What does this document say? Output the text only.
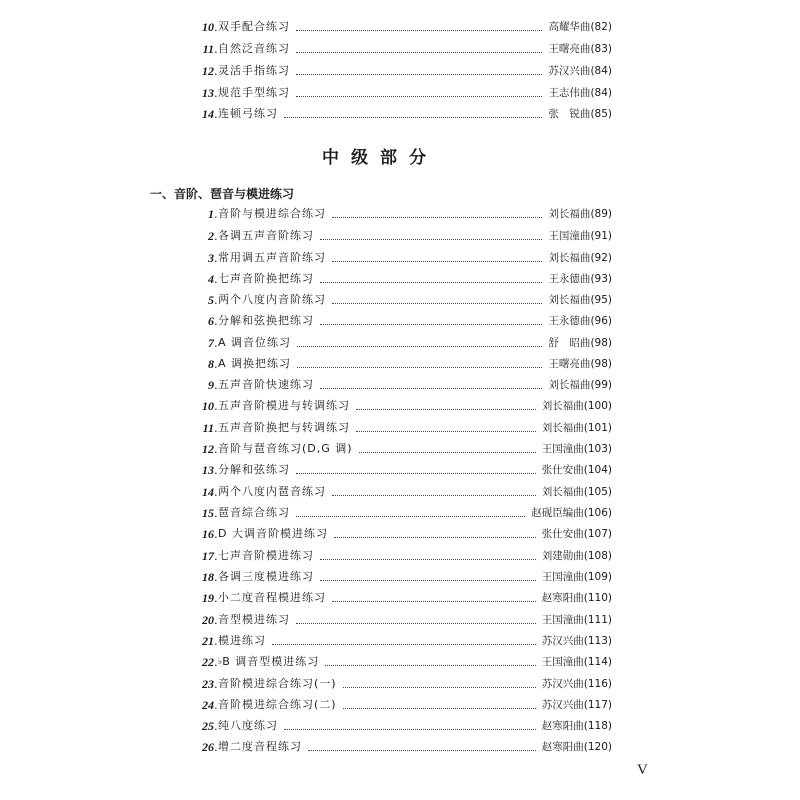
10 . 双手配合练习	高耀华曲 (82)
11 . 自然泛音练习	王曙亮曲 (83)
12 . 灵活手指练习	苏汉兴曲 (84)
13 . 规范手型练习	王志伟曲 (84)
14 . 连顿弓练习	张　锐曲 (85)
中级部分
一、音阶、琶音与模进练习
1 . 音阶与模进综合练习	刘长福曲 (89)
2 . 各调五声音阶练习	王国潼曲 (91)
3 . 常用调五声音阶练习	刘长福曲 (92)
4 . 七声音阶换把练习	王永德曲 (93)
5 . 两个八度内音阶练习	刘长福曲 (95)
6 . 分解和弦换把练习	王永德曲 (96)
7 . A 调音位练习	舒　昭曲 (98)
8 . A 调换把练习	王曙亮曲 (98)
9 . 五声音阶快速练习	刘长福曲 (99)
10 . 五声音阶模进与转调练习	刘长福曲 (100)
11 . 五声音阶换把与转调练习	刘长福曲 (101)
12 . 音阶与琶音练习(D,G 调)	王国潼曲 (103)
13 . 分解和弦练习	张仕安曲 (104)
14 . 两个八度内琶音练习	刘长福曲 (105)
15 . 琶音综合练习	赵砚臣编曲 (106)
16 . D 大调音阶模进练习	张仕安曲 (107)
17 . 七声音阶模进练习	刘建勋曲 (108)
18 . 各调三度模进练习	王国潼曲 (109)
19 . 小二度音程模进练习	赵寒阳曲 (110)
20 . 音型模进练习	王国潼曲 (111)
21 . 模进练习	苏汉兴曲 (113)
22 . ♭ B 调音型模进练习	王国潼曲 (114)
23 . 音阶模进综合练习(一)	苏汉兴曲 (116)
24 . 音阶模进综合练习(二)	苏汉兴曲 (117)
25 . 纯八度练习	赵寒阳曲 (118)
26 . 增二度音程练习	赵寒阳曲 (120)
V
